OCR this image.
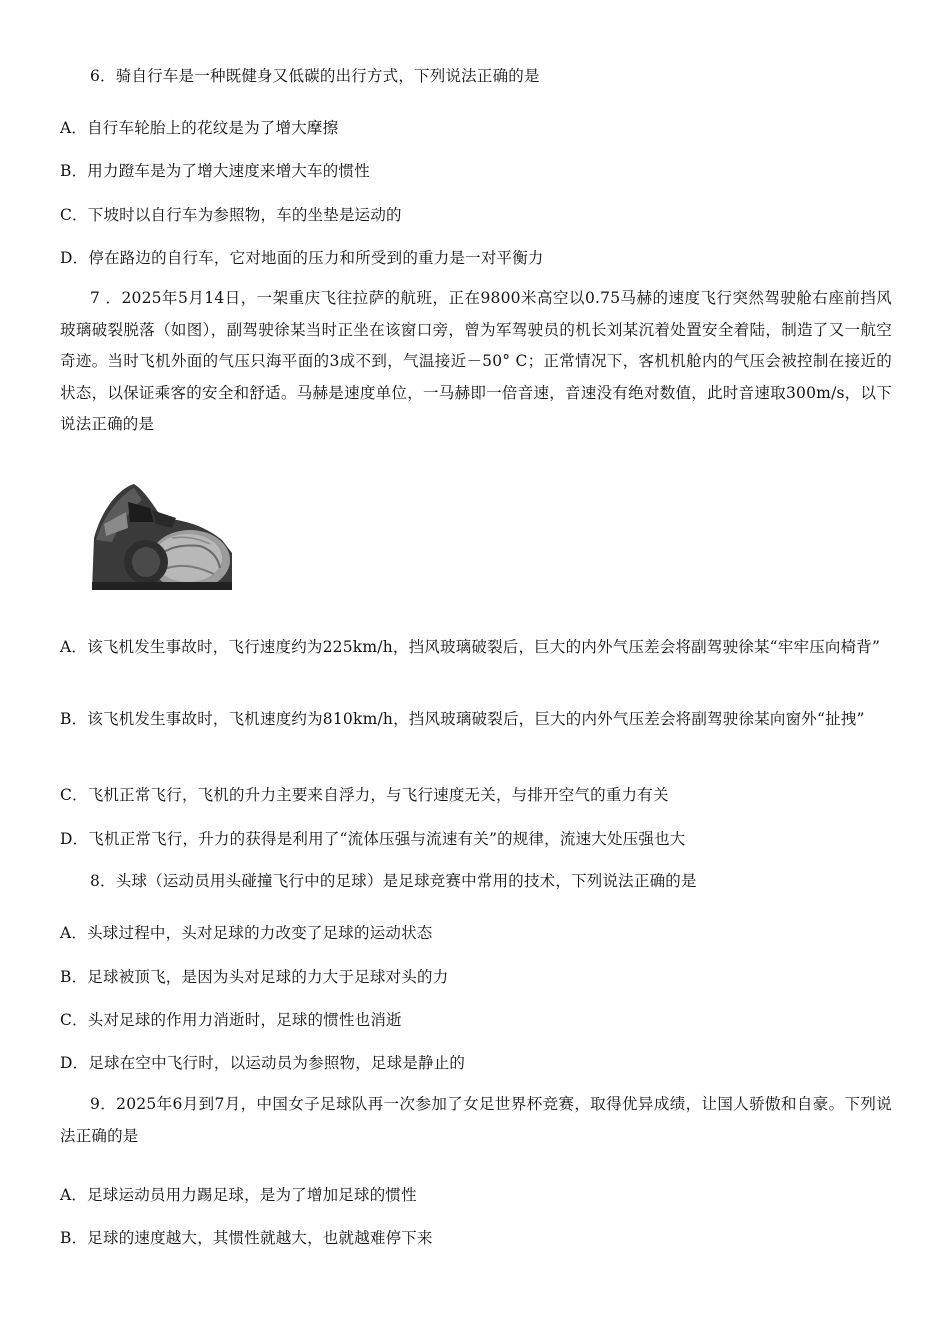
6．骑自行车是一种既健身又低碳的出行方式，下列说法正确的是
A．自行车轮胎上的花纹是为了增大摩擦
B．用力蹬车是为了增大速度来增大车的惯性
C．下坡时以自行车为参照物，车的坐垫是运动的
D．停在路边的自行车，它对地面的压力和所受到的重力是一对平衡力
7 ．2025年5月14日，一架重庆飞往拉萨的航班，正在9800米高空以0.75马赫的速度飞行突然驾驶舱右座前挡风玻璃破裂脱落（如图），副驾驶徐某当时正坐在该窗口旁，曾为军驾驶员的机长刘某沉着处置安全着陆，制造了又一航空奇迹。当时飞机外面的气压只海平面的3成不到，气温接近－50° C；正常情况下，客机机舱内的气压会被控制在接近的状态，以保证乘客的安全和舒适。马赫是速度单位，一马赫即一倍音速，音速没有绝对数值，此时音速取300m/s，以下说法正确的是
A．该飞机发生事故时，飞行速度约为225km/h，挡风玻璃破裂后，巨大的内外气压差会将副驾驶徐某“牢牢压向椅背”
B．该飞机发生事故时，飞机速度约为810km/h，挡风玻璃破裂后，巨大的内外气压差会将副驾驶徐某向窗外“扯拽”
C．飞机正常飞行，飞机的升力主要来自浮力，与飞行速度无关，与排开空气的重力有关
D．飞机正常飞行，升力的获得是利用了“流体压强与流速有关”的规律，流速大处压强也大
8．头球（运动员用头碰撞飞行中的足球）是足球竞赛中常用的技术，下列说法正确的是
A．头球过程中，头对足球的力改变了足球的运动状态
B．足球被顶飞，是因为头对足球的力大于足球对头的力
C．头对足球的作用力消逝时，足球的惯性也消逝
D．足球在空中飞行时，以运动员为参照物，足球是静止的
9．2025年6月到7月，中国女子足球队再一次参加了女足世界杯竞赛，取得优异成绩，让国人骄傲和自豪。下列说法正确的是
A．足球运动员用力踢足球，是为了增加足球的惯性
B．足球的速度越大，其惯性就越大，也就越难停下来
